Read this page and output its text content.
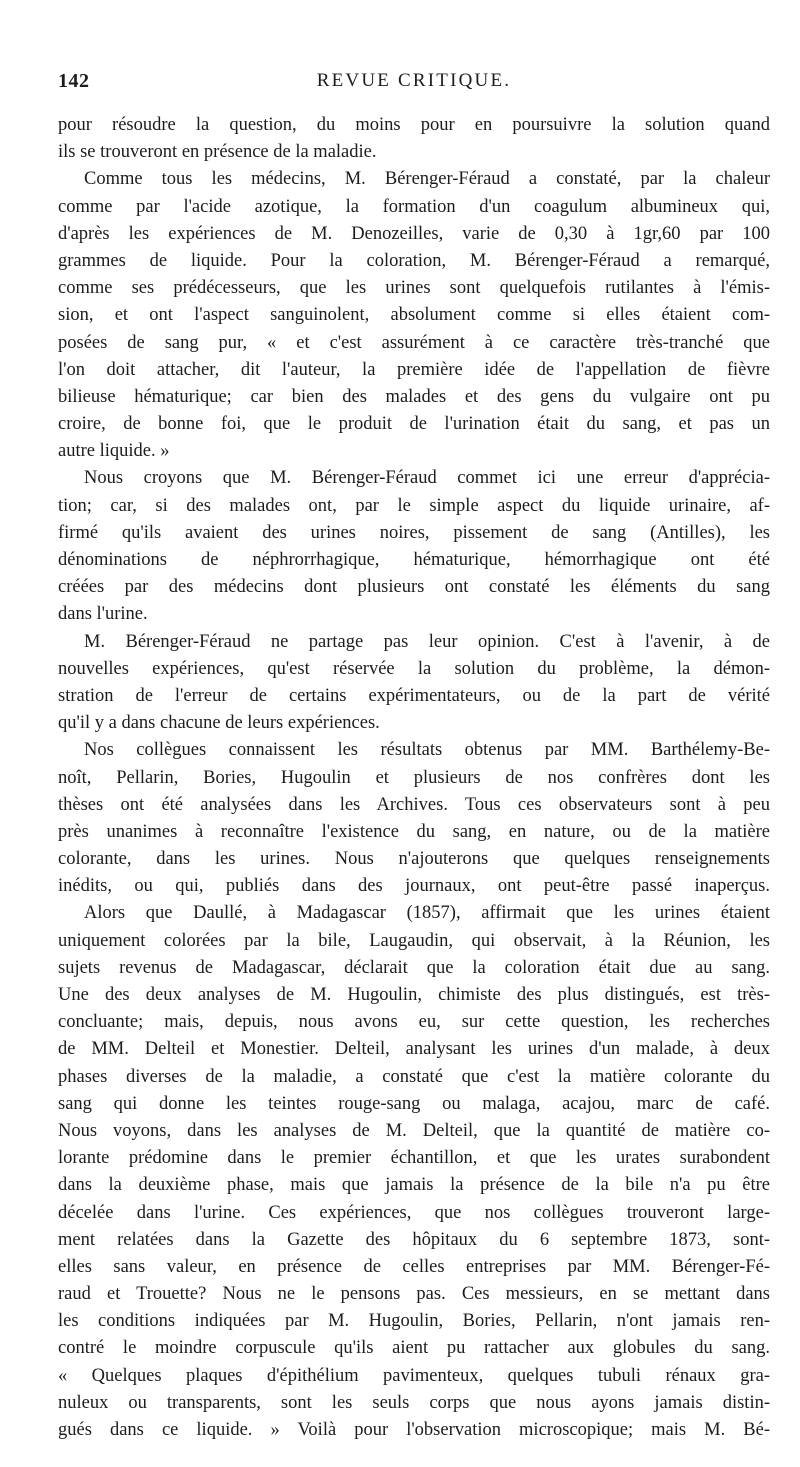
142	REVUE CRITIQUE.
pour résoudre la question, du moins pour en poursuivre la solution quand
ils se trouveront en présence de la maladie.
Comme tous les médecins, M. Bérenger-Féraud a constaté, par la chaleur
comme par l'acide azotique, la formation d'un coagulum albumineux qui,
d'après les expériences de M. Denozeilles, varie de 0,30 à 1gr,60 par 100
grammes de liquide. Pour la coloration, M. Bérenger-Féraud a remarqué,
comme ses prédécesseurs, que les urines sont quelquefois rutilantes à l'émis-
sion, et ont l'aspect sanguinolent, absolument comme si elles étaient com-
posées de sang pur, « et c'est assurément à ce caractère très-tranché que
l'on doit attacher, dit l'auteur, la première idée de l'appellation de fièvre
bilieuse hématurique; car bien des malades et des gens du vulgaire ont pu
croire, de bonne foi, que le produit de l'urination était du sang, et pas un
autre liquide. »
Nous croyons que M. Bérenger-Féraud commet ici une erreur d'apprécia-
tion; car, si des malades ont, par le simple aspect du liquide urinaire, af-
firmé qu'ils avaient des urines noires, pissement de sang (Antilles), les
dénominations de néphrorrhagique, hématurique, hémorrhagique ont été
créées par des médecins dont plusieurs ont constaté les éléments du sang
dans l'urine.
M. Bérenger-Féraud ne partage pas leur opinion. C'est à l'avenir, à de
nouvelles expériences, qu'est réservée la solution du problème, la démon-
stration de l'erreur de certains expérimentateurs, ou de la part de vérité
qu'il y a dans chacune de leurs expériences.
Nos collègues connaissent les résultats obtenus par MM. Barthélemy-Be-
noît, Pellarin, Bories, Hugoulin et plusieurs de nos confrères dont les
thèses ont été analysées dans les Archives. Tous ces observateurs sont à peu
près unanimes à reconnaître l'existence du sang, en nature, ou de la matière
colorante, dans les urines. Nous n'ajouterons que quelques renseignements
inédits, ou qui, publiés dans des journaux, ont peut-être passé inaperçus.
Alors que Daullé, à Madagascar (1857), affirmait que les urines étaient
uniquement colorées par la bile, Laugaudin, qui observait, à la Réunion, les
sujets revenus de Madagascar, déclarait que la coloration était due au sang.
Une des deux analyses de M. Hugoulin, chimiste des plus distingués, est très-
concluante; mais, depuis, nous avons eu, sur cette question, les recherches
de MM. Delteil et Monestier. Delteil, analysant les urines d'un malade, à deux
phases diverses de la maladie, a constaté que c'est la matière colorante du
sang qui donne les teintes rouge-sang ou malaga, acajou, marc de café.
Nous voyons, dans les analyses de M. Delteil, que la quantité de matière co-
lorante prédomine dans le premier échantillon, et que les urates surabondent
dans la deuxième phase, mais que jamais la présence de la bile n'a pu être
décelée dans l'urine. Ces expériences, que nos collègues trouveront large-
ment relatées dans la Gazette des hôpitaux du 6 septembre 1873, sont-
elles sans valeur, en présence de celles entreprises par MM. Bérenger-Fé-
raud et Trouette? Nous ne le pensons pas. Ces messieurs, en se mettant dans
les conditions indiquées par M. Hugoulin, Bories, Pellarin, n'ont jamais ren-
contré le moindre corpuscule qu'ils aient pu rattacher aux globules du sang.
« Quelques plaques d'épithélium pavimenteux, quelques tubuli rénaux gra-
nuleux ou transparents, sont les seuls corps que nous ayons jamais distin-
gués dans ce liquide. » Voilà pour l'observation microscopique; mais M. Bé-
